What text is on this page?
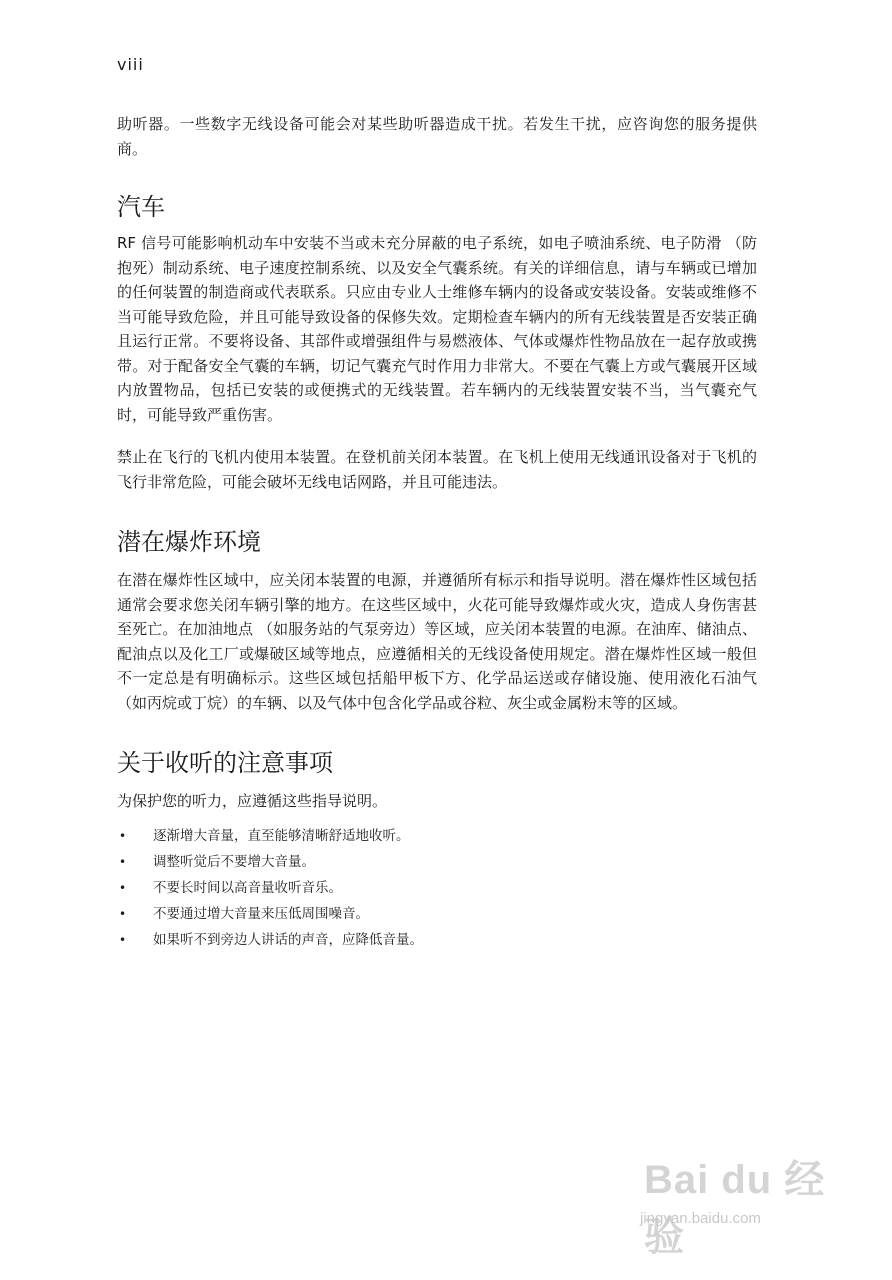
viii

助听器。一些数字无线设备可能会对某些助听器造成干扰。若发生干扰，应咨询您的服务提供商。

汽车

RF 信号可能影响机动车中安装不当或未充分屏蔽的电子系统，如电子喷油系统、电子防滑 （防抱死）制动系统、电子速度控制系统、以及安全气囊系统。有关的详细信息，请与车辆或已增加的任何装置的制造商或代表联系。只应由专业人士维修车辆内的设备或安装设备。安装或维修不当可能导致危险，并且可能导致设备的保修失效。定期检查车辆内的所有无线装置是否安装正确且运行正常。不要将设备、其部件或增强组件与易燃液体、气体或爆炸性物品放在一起存放或携带。对于配备安全气囊的车辆，切记气囊充气时作用力非常大。不要在气囊上方或气囊展开区域内放置物品，包括已安装的或便携式的无线装置。若车辆内的无线装置安装不当，当气囊充气时，可能导致严重伤害。

禁止在飞行的飞机内使用本装置。在登机前关闭本装置。在飞机上使用无线通讯设备对于飞机的飞行非常危险，可能会破坏无线电话网路，并且可能违法。

潜在爆炸环境

在潜在爆炸性区域中，应关闭本装置的电源，并遵循所有标示和指导说明。潜在爆炸性区域包括通常会要求您关闭车辆引擎的地方。在这些区域中，火花可能导致爆炸或火灾，造成人身伤害甚至死亡。在加油地点 （如服务站的气泵旁边）等区域，应关闭本装置的电源。在油库、储油点、配油点以及化工厂或爆破区域等地点，应遵循相关的无线设备使用规定。潜在爆炸性区域一般但不一定总是有明确标示。这些区域包括船甲板下方、化学品运送或存储设施、使用液化石油气 （如丙烷或丁烷）的车辆、以及气体中包含化学品或谷粒、灰尘或金属粉末等的区域。

关于收听的注意事项

为保护您的听力，应遵循这些指导说明。

• 逐渐增大音量，直至能够清晰舒适地收听。
• 调整听觉后不要增大音量。
• 不要长时间以高音量收听音乐。
• 不要通过增大音量来压低周围噪音。
• 如果听不到旁边人讲话的声音，应降低音量。
Bai du 经验
jingyan.baidu.com
